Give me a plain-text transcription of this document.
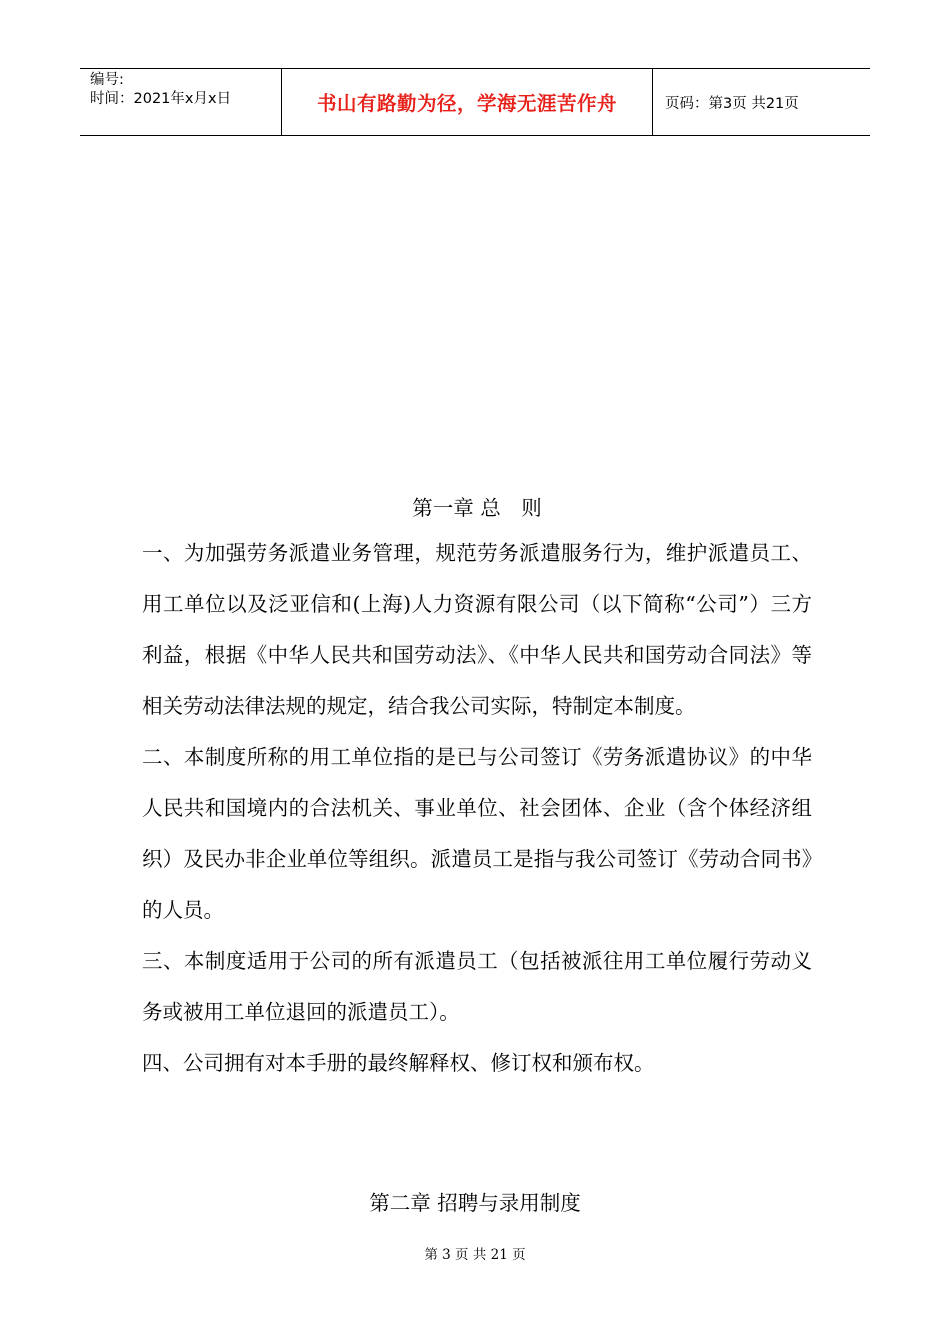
编号:
时间：2021年x月x日	书山有路勤为径，学海无涯苦作舟	页码：第3页 共21页
第一章 总　则

一、为加强劳务派遣业务管理，规范劳务派遣服务行为，维护派遣员工、用工单位以及泛亚信和(上海)人力资源有限公司（以下简称“公司”）三方利益，根据《中华人民共和国劳动法》、《中华人民共和国劳动合同法》等相关劳动法律法规的规定，结合我公司实际，特制定本制度。

二、本制度所称的用工单位指的是已与公司签订《劳务派遣协议》的中华人民共和国境内的合法机关、事业单位、社会团体、企业（含个体经济组织）及民办非企业单位等组织。派遣员工是指与我公司签订《劳动合同书》的人员。

三、本制度适用于公司的所有派遣员工（包括被派往用工单位履行劳动义务或被用工单位退回的派遣员工）。

四、公司拥有对本手册的最终解释权、修订权和颁布权。

第二章 招聘与录用制度
第 3 页 共 21 页
